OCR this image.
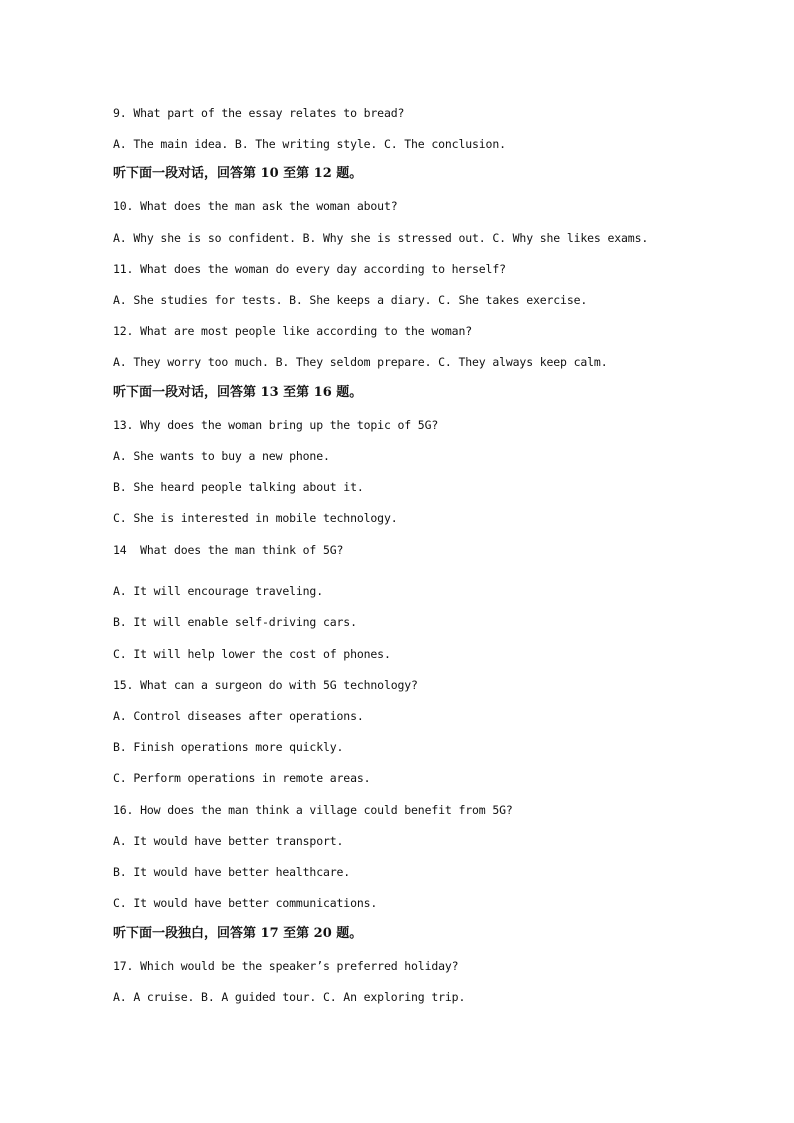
9. What part of the essay relates to bread?
A. The main idea. B. The writing style. C. The conclusion.
听下面一段对话，回答第 10 至第 12 题。
10. What does the man ask the woman about?
A. Why she is so confident. B. Why she is stressed out. C. Why she likes exams.
11. What does the woman do every day according to herself?
A. She studies for tests. B. She keeps a diary. C. She takes exercise.
12. What are most people like according to the woman?
A. They worry too much. B. They seldom prepare. C. They always keep calm.
听下面一段对话，回答第 13 至第 16 题。
13. Why does the woman bring up the topic of 5G?
A. She wants to buy a new phone.
B. She heard people talking about it.
C. She is interested in mobile technology.
14  What does the man think of 5G?
A. It will encourage traveling.
B. It will enable self-driving cars.
C. It will help lower the cost of phones.
15. What can a surgeon do with 5G technology?
A. Control diseases after operations.
B. Finish operations more quickly.
C. Perform operations in remote areas.
16. How does the man think a village could benefit from 5G?
A. It would have better transport.
B. It would have better healthcare.
C. It would have better communications.
听下面一段独白，回答第 17 至第 20 题。
17. Which would be the speaker’s preferred holiday?
A. A cruise. B. A guided tour. C. An exploring trip.
